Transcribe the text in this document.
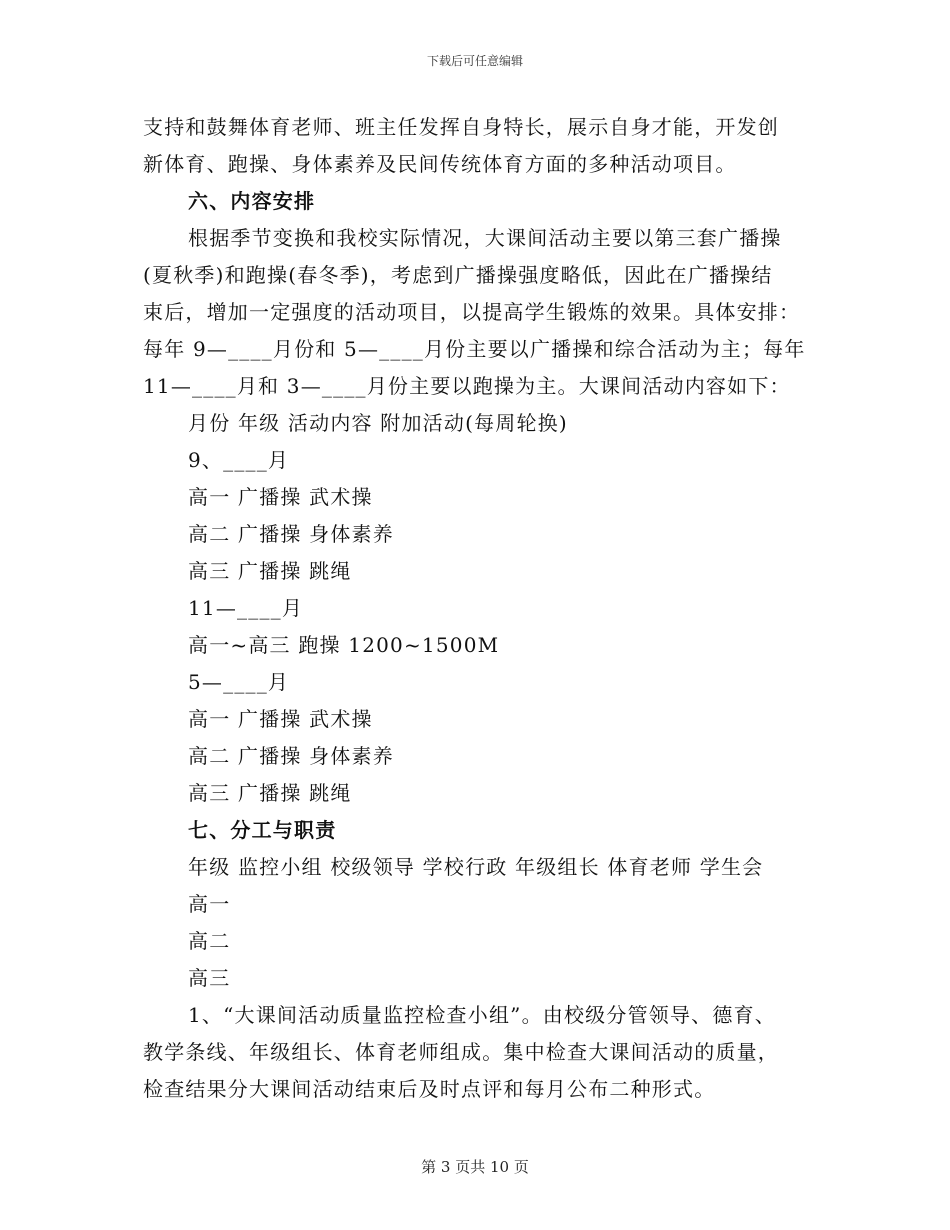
下载后可任意编辑
支持和鼓舞体育老师、班主任发挥自身特长，展示自身才能，开发创
新体育、跑操、身体素养及民间传统体育方面的多种活动项目。
六、内容安排
根据季节变换和我校实际情况，大课间活动主要以第三套广播操
(夏秋季)和跑操(春冬季)，考虑到广播操强度略低，因此在广播操结
束后，增加一定强度的活动项目，以提高学生锻炼的效果。具体安排：
每年 9—____月份和 5—____月份主要以广播操和综合活动为主；每年
11—____月和 3—____月份主要以跑操为主。大课间活动内容如下：
月份 年级 活动内容 附加活动(每周轮换)
9、____月
高一 广播操 武术操
高二 广播操 身体素养
高三 广播操 跳绳
11—____月
高一~高三 跑操 1200~1500M
5—____月
高一 广播操 武术操
高二 广播操 身体素养
高三 广播操 跳绳
七、分工与职责
年级 监控小组 校级领导 学校行政 年级组长 体育老师 学生会
高一
高二
高三
1、“大课间活动质量监控检查小组”。由校级分管领导、德育、
教学条线、年级组长、体育老师组成。集中检查大课间活动的质量，
检查结果分大课间活动结束后及时点评和每月公布二种形式。
第 3 页共 10 页
